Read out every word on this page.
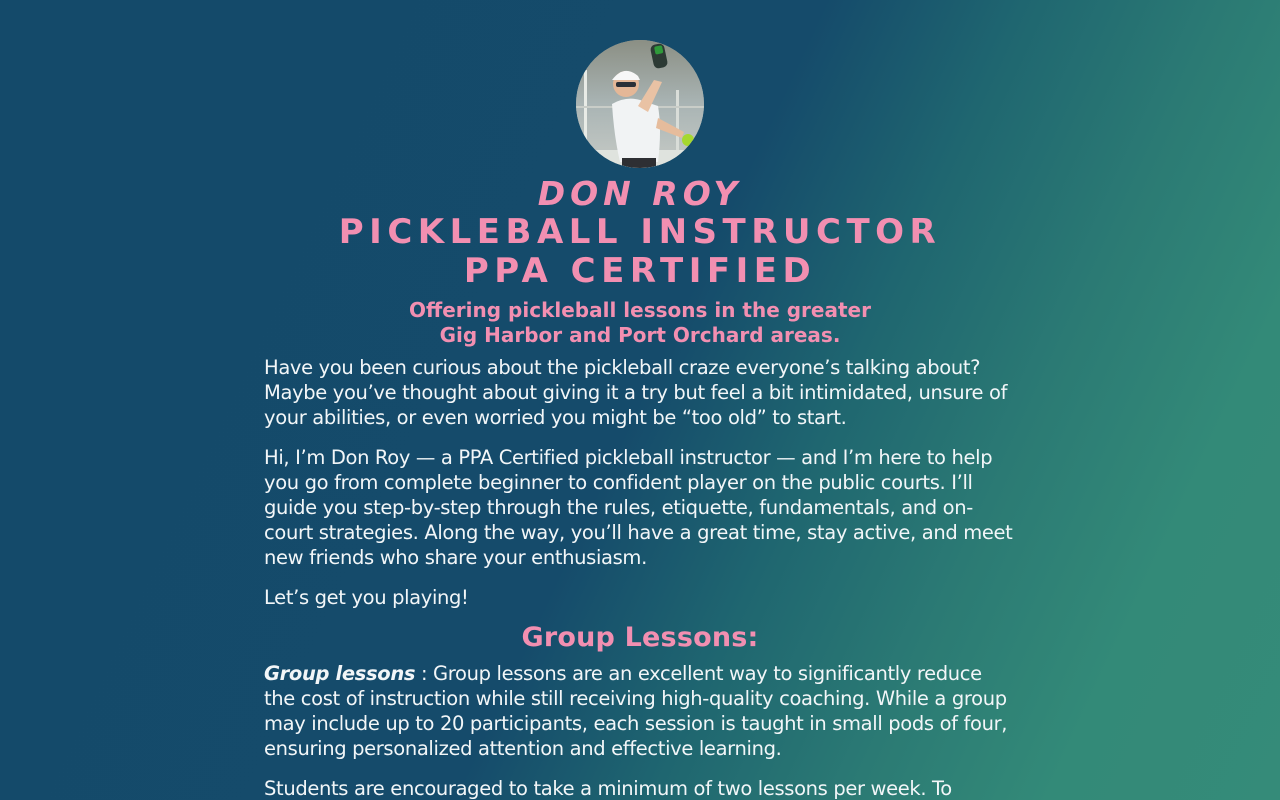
DON ROY
PICKLEBALL INSTRUCTOR
PPA CERTIFIED
Offering pickleball lessons in the greater
Gig Harbor and Port Orchard areas.

Have you been curious about the pickleball craze everyone’s talking about? Maybe you’ve thought about giving it a try but feel a bit intimidated, unsure of your abilities, or even worried you might be “too old” to start.

Hi, I’m Don Roy — a PPA Certified pickleball instructor — and I’m here to help you go from complete beginner to confident player on the public courts. I’ll guide you step-by-step through the rules, etiquette, fundamentals, and on-court strategies. Along the way, you’ll have a great time, stay active, and meet new friends who share your enthusiasm.

Let’s get you playing!

Group Lessons:

Group lessons : Group lessons are an excellent way to significantly reduce the cost of instruction while still receiving high-quality coaching. While a group may include up to 20 participants, each session is taught in small pods of four, ensuring personalized attention and effective learning.

Students are encouraged to take a minimum of two lessons per week. To
